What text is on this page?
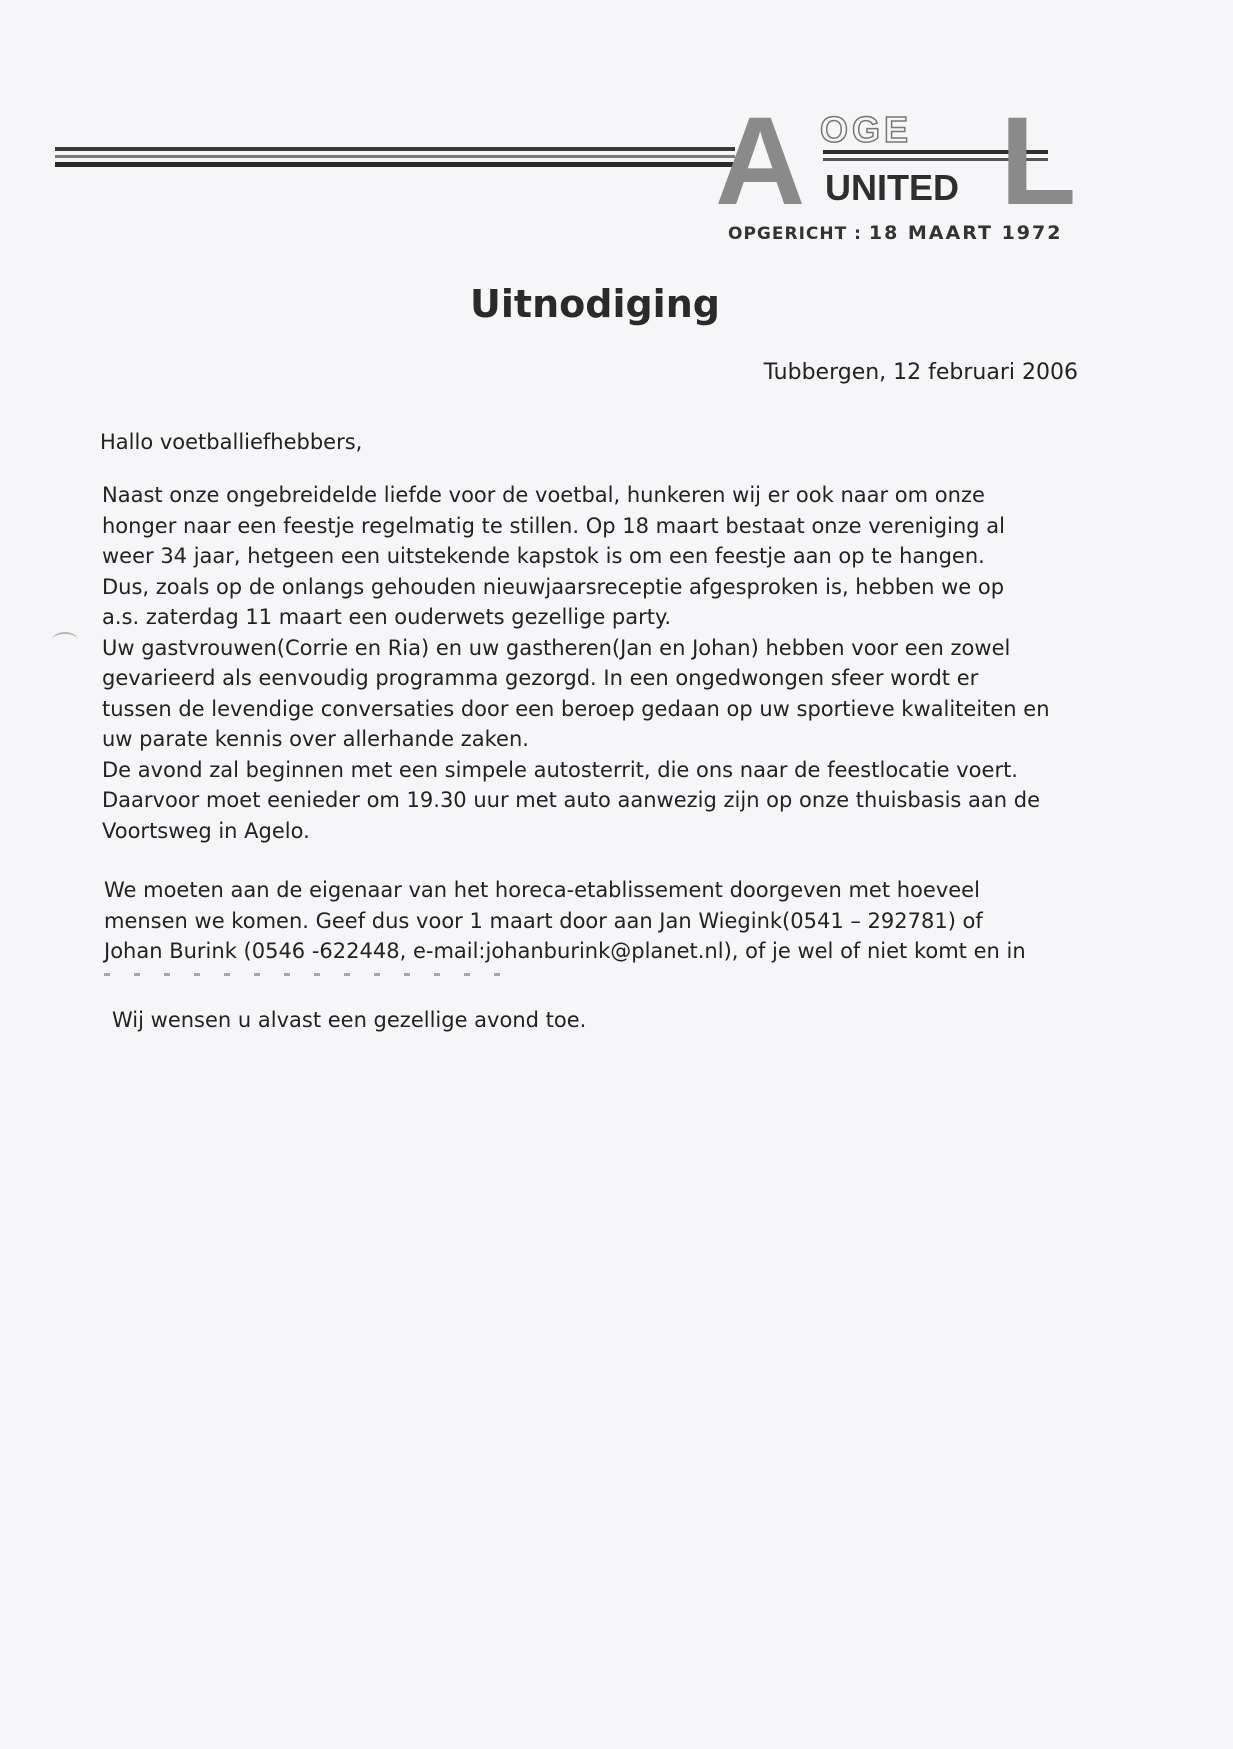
A OGE
UNITED L
OPGERICHT : 18 MAART 1972
Uitnodiging
Tubbergen, 12 februari 2006
Hallo voetballiefhebbers,
Naast onze ongebreidelde liefde voor de voetbal, hunkeren wij er ook naar om onze
honger naar een feestje regelmatig te stillen. Op 18 maart bestaat onze vereniging al
weer 34 jaar, hetgeen een uitstekende kapstok is om een feestje aan op te hangen.
Dus, zoals op de onlangs gehouden nieuwjaarsreceptie afgesproken is, hebben we op
a.s. zaterdag 11 maart een ouderwets gezellige party.
Uw gastvrouwen(Corrie en Ria) en uw gastheren(Jan en Johan) hebben voor een zowel
gevarieerd als eenvoudig programma gezorgd. In een ongedwongen sfeer wordt er
tussen de levendige conversaties door een beroep gedaan op uw sportieve kwaliteiten en
uw parate kennis over allerhande zaken.
De avond zal beginnen met een simpele autosterrit, die ons naar de feestlocatie voert.
Daarvoor moet eenieder om 19.30 uur met auto aanwezig zijn op onze thuisbasis aan de
Voortsweg in Agelo.
We moeten aan de eigenaar van het horeca-etablissement doorgeven met hoeveel
mensen we komen. Geef dus voor 1 maart door aan Jan Wiegink(0541 – 292781) of
Johan Burink (0546 -622448, e-mail:johanburink@planet.nl), of je wel of niet komt en in
Wij wensen u alvast een gezellige avond toe.
